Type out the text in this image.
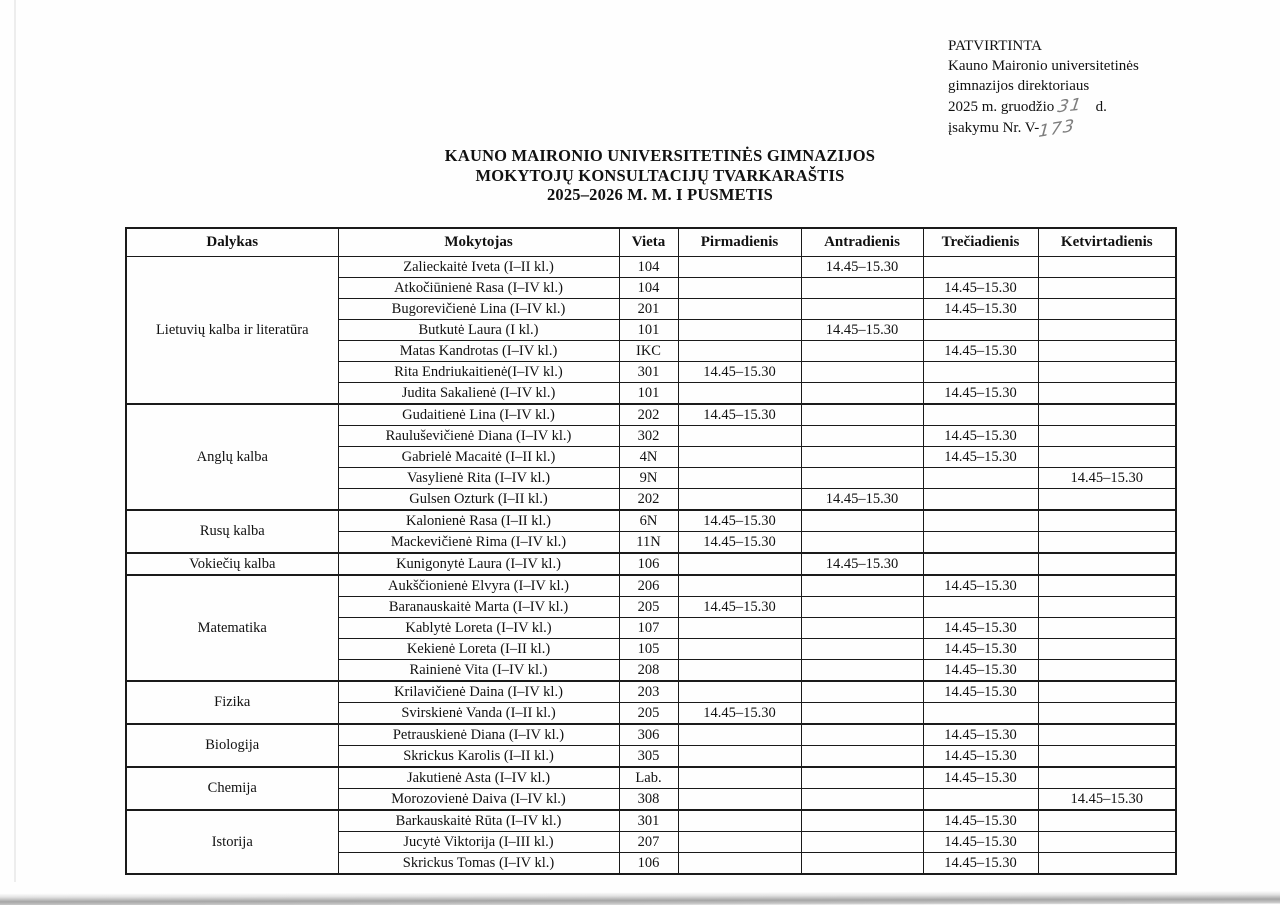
PATVIRTINTA
Kauno Maironio universitetinės
gimnazijos direktoriaus
2025 m. gruodžio 31 d.
įsakymu Nr. V-173
KAUNO MAIRONIO UNIVERSITETINĖS GIMNAZIJOS
MOKYTOJŲ KONSULTACIJŲ TVARKARAŠTIS
2025–2026 M. M. I PUSMETIS
Dalykas	Mokytojas	Vieta	Pirmadienis	Antradienis	Trečiadienis	Ketvirtadienis
Lietuvių kalba ir literatūra	Zalieckaitė Iveta (I–II kl.)	104		14.45–15.30		
	Atkočiūnienė Rasa (I–IV kl.)	104			14.45–15.30	
	Bugorevičienė Lina (I–IV kl.)	201			14.45–15.30	
	Butkutė Laura (I kl.)	101		14.45–15.30		
	Matas Kandrotas (I–IV kl.)	IKC			14.45–15.30	
	Rita Endriukaitienė(I–IV kl.)	301	14.45–15.30			
	Judita Sakalienė (I–IV kl.)	101			14.45–15.30	
Anglų kalba	Gudaitienė Lina (I–IV kl.)	202	14.45–15.30			
	Rauluševičienė Diana (I–IV kl.)	302			14.45–15.30	
	Gabrielė Macaitė (I–II kl.)	4N			14.45–15.30	
	Vasylienė Rita (I–IV kl.)	9N				14.45–15.30
	Gulsen Ozturk (I–II kl.)	202		14.45–15.30		
Rusų kalba	Kalonienė Rasa (I–II kl.)	6N	14.45–15.30			
	Mackevičienė Rima (I–IV kl.)	11N	14.45–15.30			
Vokiečių kalba	Kunigonytė Laura (I–IV kl.)	106		14.45–15.30		
Matematika	Aukščionienė Elvyra (I–IV kl.)	206			14.45–15.30	
	Baranauskaitė Marta (I–IV kl.)	205	14.45–15.30			
	Kablytė Loreta (I–IV kl.)	107			14.45–15.30	
	Kekienė Loreta (I–II kl.)	105			14.45–15.30	
	Rainienė Vita (I–IV kl.)	208			14.45–15.30	
Fizika	Krilavičienė Daina (I–IV kl.)	203			14.45–15.30	
	Svirskienė Vanda (I–II kl.)	205	14.45–15.30			
Biologija	Petrauskienė Diana (I–IV kl.)	306			14.45–15.30	
	Skrickus Karolis (I–II kl.)	305			14.45–15.30	
Chemija	Jakutienė Asta (I–IV kl.)	Lab.			14.45–15.30	
	Morozovienė Daiva (I–IV kl.)	308				14.45–15.30
Istorija	Barkauskaitė Rūta (I–IV kl.)	301			14.45–15.30	
	Jucytė Viktorija (I–III kl.)	207			14.45–15.30	
	Skrickus Tomas (I–IV kl.)	106			14.45–15.30	
